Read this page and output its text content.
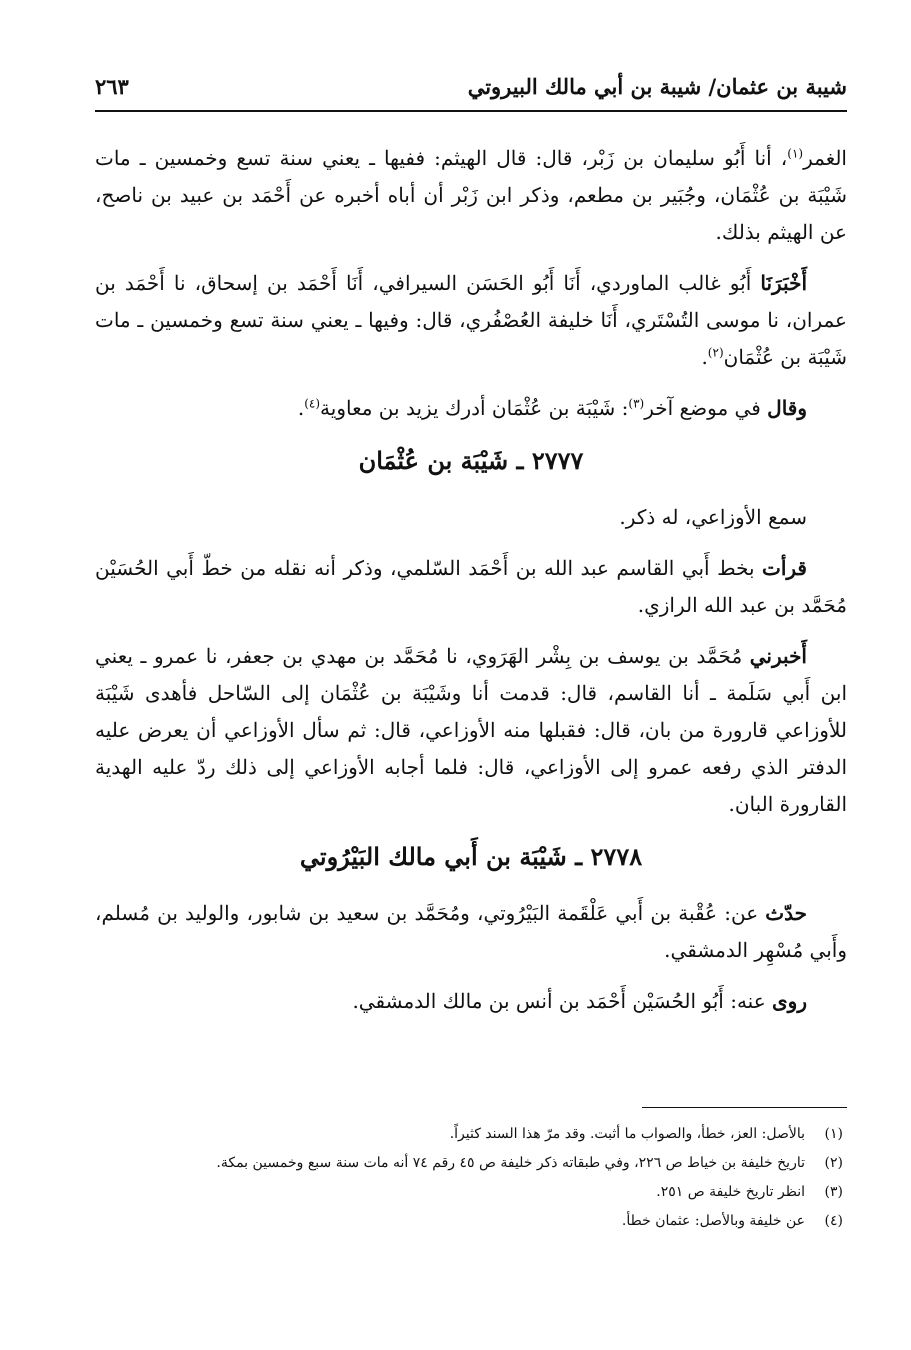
شيبة بن عثمان/ شيبة بن أبي مالك البيروتي
٢٦٣

الغمر$^{(١)}$، أنا أَبُو سليمان بن زَبْر، قال: قال الهيثم: ففيها ـ يعني سنة تسع وخمسين ـ مات شَيْبَة بن عُثْمَان، وجُبَير بن مطعم، وذكر ابن زَبْر أن أباه أخبره عن أَحْمَد بن عبيد بن ناصح، عن الهيثم بذلك.

أَخْبَرَنَا أَبُو غالب الماوردي، أَنَا أَبُو الحَسَن السيرافي، أَنَا أَحْمَد بن إسحاق، نا أَحْمَد بن عمران، نا موسى التُسْتَري، أَنَا خليفة العُصْفُري، قال: وفيها ـ يعني سنة تسع وخمسين ـ مات شَيْبَة بن عُثْمَان$^{(٢)}$.

وقال في موضع آخر$^{(٣)}$: شَيْبَة بن عُثْمَان أدرك يزيد بن معاوية$^{(٤)}$.

٢٧٧٧ ـ شَيْبَة بن عُثْمَان

سمع الأوزاعي، له ذكر.

قرأت بخط أَبي القاسم عبد الله بن أَحْمَد السّلمي، وذكر أنه نقله من خطّ أَبي الحُسَيْن مُحَمَّد بن عبد الله الرازي.

أَخبرني مُحَمَّد بن يوسف بن بِشْر الهَرَوي، نا مُحَمَّد بن مهدي بن جعفر، نا عمرو ـ يعني ابن أَبي سَلَمة ـ أنا القاسم، قال: قدمت أنا وشَيْبَة بن عُثْمَان إلى السّاحل فأهدى شَيْبَة للأوزاعي قارورة من بان، قال: فقبلها منه الأوزاعي، قال: ثم سأل الأوزاعي أن يعرض عليه الدفتر الذي رفعه عمرو إلى الأوزاعي، قال: فلما أجابه الأوزاعي إلى ذلك ردّ عليه الهدية القارورة البان.

٢٧٧٨ ـ شَيْبَة بن أَبي مالك البَيْرُوتي

حدّث عن: عُقْبة بن أَبي عَلْقَمة البَيْرُوتي، ومُحَمَّد بن سعيد بن شابور، والوليد بن مُسلم، وأَبي مُسْهِر الدمشقي.

روى عنه: أَبُو الحُسَيْن أَحْمَد بن أنس بن مالك الدمشقي.

(١)
بالأصل: العز، خطأ، والصواب ما أثبت. وقد مرّ هذا السند كثيراً.
(٢)
تاريخ خليفة بن خياط ص ٢٢٦، وفي طبقاته ذكر خليفة ص ٤٥ رقم ٧٤ أنه مات سنة سبع وخمسين بمكة.
(٣)
انظر تاريخ خليفة ص ٢٥١.
(٤)
عن خليفة وبالأصل: عثمان خطأ.
